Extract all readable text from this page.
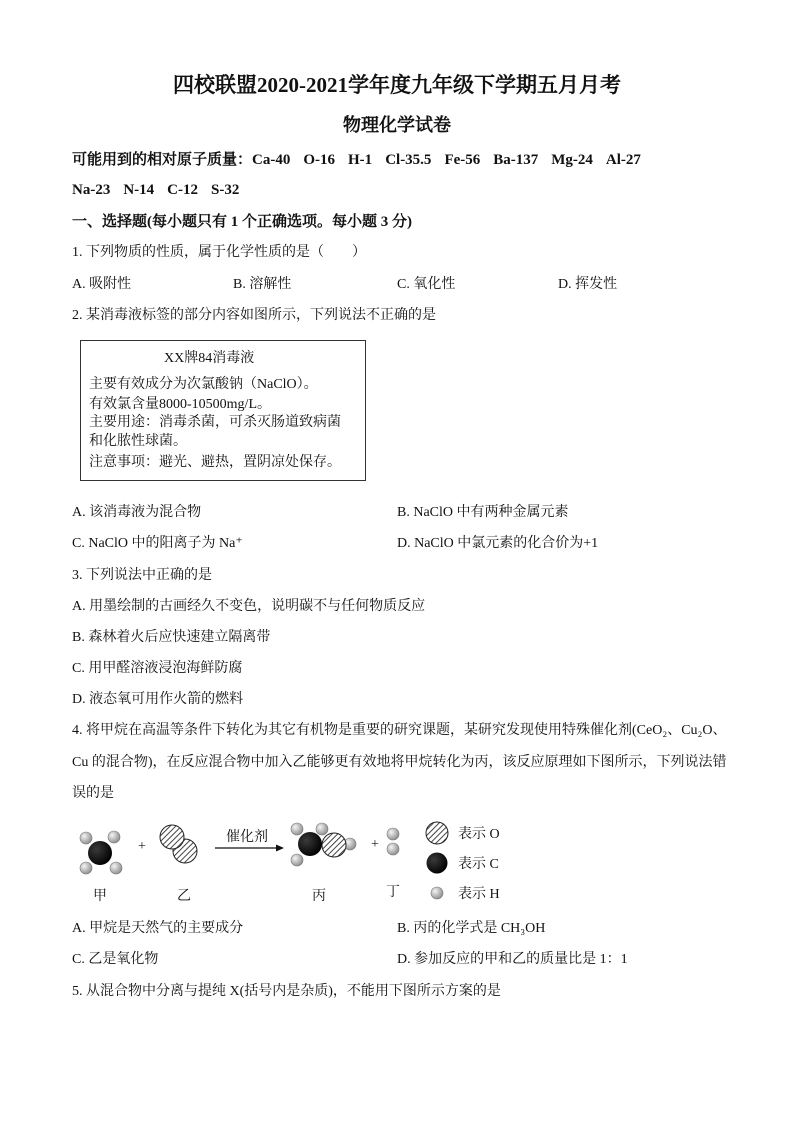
四校联盟2020-2021学年度九年级下学期五月月考
物理化学试卷
可能用到的相对原子质量：Ca-40 O-16 H-1 Cl-35.5 Fe-56 Ba-137 Mg-24 Al-27
Na-23 N-14 C-12 S-32
一、选择题(每小题只有 1 个正确选项。每小题 3 分)
1. 下列物质的性质，属于化学性质的是（　　）
A. 吸附性	B. 溶解性	C. 氧化性	D. 挥发性
2. 某消毒液标签的部分内容如图所示，下列说法不正确的是
XX牌84消毒液
主要有效成分为次氯酸钠（NaClO）。
有效氯含量8000-10500mg/L。
主要用途：消毒杀菌，可杀灭肠道致病菌
和化脓性球菌。
注意事项：避光、避热，置阴凉处保存。
A. 该消毒液为混合物	B. NaClO 中有两种金属元素
C. NaClO 中的阳离子为 Na⁺	D. NaClO 中氯元素的化合价为+1
3. 下列说法中正确的是
A. 用墨绘制的古画经久不变色，说明碳不与任何物质反应
B. 森林着火后应快速建立隔离带
C. 用甲醛溶液浸泡海鲜防腐
D. 液态氧可用作火箭的燃料
4. 将甲烷在高温等条件下转化为其它有机物是重要的研究课题，某研究发现使用特殊催化剂(CeO₂、Cu₂O、
Cu 的混合物)，在反应混合物中加入乙能够更有效地将甲烷转化为丙，该反应原理如下图所示，下列说法错
误的是
+
催化剂	+
甲	乙	丙	丁
表示 O
表示 C
表示 H
A. 甲烷是天然气的主要成分	B. 丙的化学式是 CH₃OH
C. 乙是氧化物	D. 参加反应的甲和乙的质量比是 1：1
5. 从混合物中分离与提纯 X(括号内是杂质)，不能用下图所示方案的是
